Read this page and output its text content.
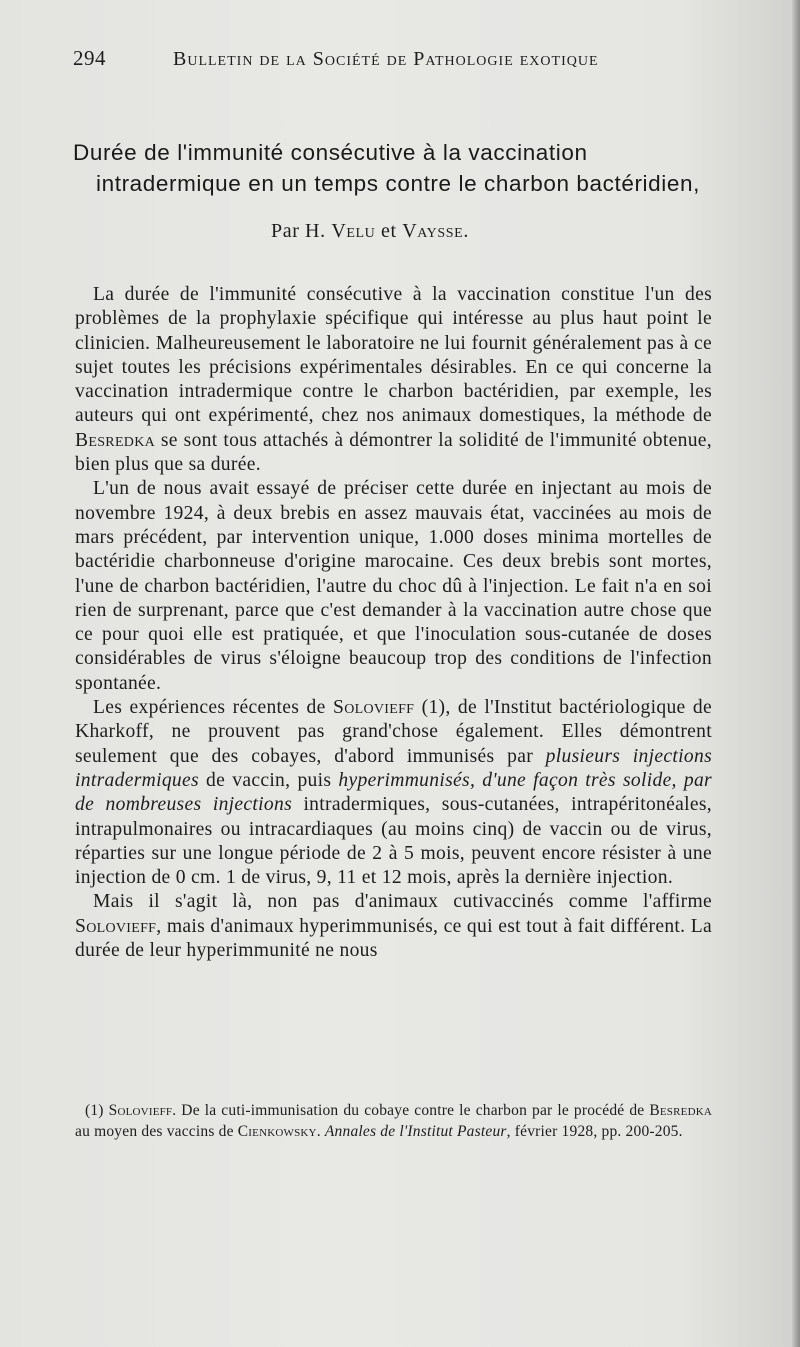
294	Bulletin de la Société de Pathologie exotique
Durée de l'immunité consécutive à la vaccination
intradermique en un temps contre le charbon bactéridien,
Par H. Velu et Vaysse.

La durée de l'immunité consécutive à la vaccination constitue l'un des problèmes de la prophylaxie spécifique qui intéresse au plus haut point le clinicien. Malheureusement le laboratoire ne lui fournit généralement pas à ce sujet toutes les précisions expérimentales désirables. En ce qui concerne la vaccination intradermique contre le charbon bactéridien, par exemple, les auteurs qui ont expérimenté, chez nos animaux domestiques, la méthode de Besredka se sont tous attachés à démontrer la solidité de l'immunité obtenue, bien plus que sa durée.

L'un de nous avait essayé de préciser cette durée en injectant au mois de novembre 1924, à deux brebis en assez mauvais état, vaccinées au mois de mars précédent, par intervention unique, 1.000 doses minima mortelles de bactéridie charbonneuse d'origine marocaine. Ces deux brebis sont mortes, l'une de charbon bactéridien, l'autre du choc dû à l'injection. Le fait n'a en soi rien de surprenant, parce que c'est demander à la vaccination autre chose que ce pour quoi elle est pratiquée, et que l'inoculation sous-cutanée de doses considérables de virus s'éloigne beaucoup trop des conditions de l'infection spontanée.

Les expériences récentes de Solovieff (1), de l'Institut bactériologique de Kharkoff, ne prouvent pas grand'chose également. Elles démontrent seulement que des cobayes, d'abord immunisés par plusieurs injections intradermiques de vaccin, puis hyperimmunisés, d'une façon très solide, par de nombreuses injections intradermiques, sous-cutanées, intrapéritonéales, intrapulmonaires ou intracardiaques (au moins cinq) de vaccin ou de virus, réparties sur une longue période de 2 à 5 mois, peuvent encore résister à une injection de 0 cm. 1 de virus, 9, 11 et 12 mois, après la dernière injection.

Mais il s'agit là, non pas d'animaux cutivaccinés comme l'affirme Solovieff, mais d'animaux hyperimmunisés, ce qui est tout à fait différent. La durée de leur hyperimmunité ne nous

(1) Solovieff. De la cuti-immunisation du cobaye contre le charbon par le procédé de Besredka au moyen des vaccins de Cienkowsky. Annales de l'Institut Pasteur, février 1928, pp. 200-205.
